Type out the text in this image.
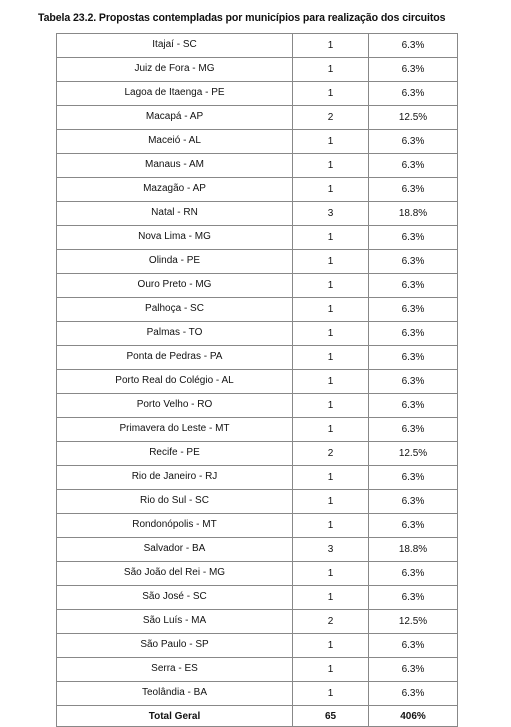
Tabela 23.2. Propostas contempladas por municípios para realização dos circuitos
Itajaí - SC	1	6.3%
Juiz de Fora - MG	1	6.3%
Lagoa de Itaenga - PE	1	6.3%
Macapá - AP	2	12.5%
Maceió - AL	1	6.3%
Manaus - AM	1	6.3%
Mazagão - AP	1	6.3%
Natal - RN	3	18.8%
Nova Lima - MG	1	6.3%
Olinda - PE	1	6.3%
Ouro Preto - MG	1	6.3%
Palhoça - SC	1	6.3%
Palmas - TO	1	6.3%
Ponta de Pedras - PA	1	6.3%
Porto Real do Colégio - AL	1	6.3%
Porto Velho - RO	1	6.3%
Primavera do Leste - MT	1	6.3%
Recife - PE	2	12.5%
Rio de Janeiro - RJ	1	6.3%
Rio do Sul - SC	1	6.3%
Rondonópolis - MT	1	6.3%
Salvador - BA	3	18.8%
São João del Rei - MG	1	6.3%
São José - SC	1	6.3%
São Luís - MA	2	12.5%
São Paulo - SP	1	6.3%
Serra - ES	1	6.3%
Teolândia - BA	1	6.3%
Total Geral	65	406%
